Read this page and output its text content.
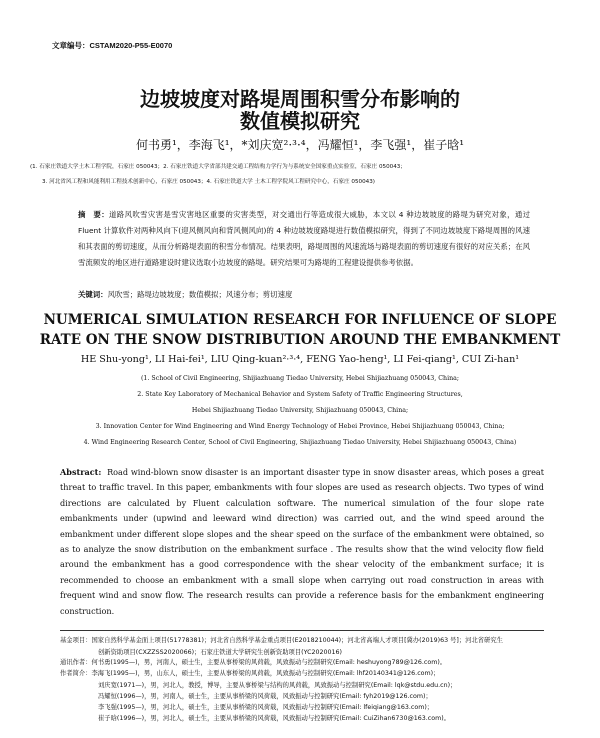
文章编号：CSTAM2020-P55-E0070
边坡坡度对路堤周围积雪分布影响的
数值模拟研究
何书勇¹，李海飞¹，*刘庆宽²·³·⁴，冯耀恒¹，李飞强¹，崔子晗¹
(1. 石家庄铁道大学土木工程学院，石家庄 050043；2. 石家庄铁道大学省部共建交通工程结构力学行为与系统安全国家重点实验室，石家庄 050043；
3. 河北省风工程和风能利用工程技术创新中心，石家庄 050043；4. 石家庄铁道大学 土木工程学院风工程研究中心，石家庄 050043)
摘　要：道路风吹雪灾害是雪灾害地区重要的灾害类型，对交通出行等造成很大威胁，本文以 4 种边坡坡度的路堤为研究对象，通过 Fluent 计算软件对两种风向下(迎风侧风向和背风侧风向)的 4 种边坡坡度路堤进行数值模拟研究，得到了不同边坡坡度下路堤周围的风速和其表面的剪切速度，从而分析路堤表面的积雪分布情况。结果表明，路堤周围的风速流场与路堤表面的剪切速度有很好的对应关系；在风雪流频发的地区进行道路建设时建议选取小边坡度的路堤。研究结果可为路堤的工程建设提供参考依据。
关键词：风吹雪；路堤边坡坡度；数值模拟；风速分布；剪切速度
NUMERICAL SIMULATION RESEARCH FOR INFLUENCE OF SLOPE
RATE ON THE SNOW DISTRIBUTION AROUND THE EMBANKMENT
HE Shu-yong¹, LI Hai-fei¹, LIU Qing-kuan²·³·⁴, FENG Yao-heng¹, LI Fei-qiang¹, CUI Zi-han¹
(1. School of Civil Engineering, Shijiazhuang Tiedao University, Hebei Shijiazhuang 050043, China;
2. State Key Laboratory of Mechanical Behavior and System Safety of Traffic Engineering Structures,
Hebei Shijiazhuang Tiedao University, Shijiazhuang 050043, China;
3. Innovation Center for Wind Engineering and Wind Energy Technology of Hebei Province, Hebei Shijiazhuang 050043, China;
4. Wind Engineering Research Center, School of Civil Engineering, Shijiazhuang Tiedao University, Hebei Shijiazhuang 050043, China)
Abstract: Road wind-blown snow disaster is an important disaster type in snow disaster areas, which poses a great threat to traffic travel. In this paper, embankments with four slopes are used as research objects. Two types of wind directions are calculated by Fluent calculation software. The numerical simulation of the four slope rate embankments under (upwind and leeward wind direction) was carried out, and the wind speed around the embankment under different slope slopes and the shear speed on the surface of the embankment were obtained, so as to analyze the snow distribution on the embankment surface . The results show that the wind velocity flow field around the embankment has a good correspondence with the shear velocity of the embankment surface; it is recommended to choose an embankment with a small slope when carrying out road construction in areas with frequent wind and snow flow. The research results can provide a reference basis for the embankment engineering construction.
基金项目：国家自然科学基金面上项目(51778381)；河北省自然科学基金重点项目(E2018210044)；河北省高端人才项目[冀办(2019)63 号]；河北省研究生
创新资助项目(CXZZSS2020066)；石家庄铁道大学研究生创新资助项目(YC2020016)
通讯作者：何书勇(1995—)，男，河南人，硕士生，主要从事桥梁的风荷载，风致振动与控制研究(Email: heshuyong789@126.com)。
作者简介：李海飞(1995—)，男，山东人，硕士生，主要从事桥梁的风荷载，风致振动与控制研究(Email: lhf20140341@126.com)；
刘庆宽(1971—)，男，河北人，教授，博导，主要从事桥梁与结构的风荷载，风致振动与控制研究(Email: lqk@stdu.edu.cn)；
冯耀恒(1996—)，男，河南人，硕士生，主要从事桥梁的风荷载，风致振动与控制研究(Email: fyh2019@126.com)；
李飞强(1995—)，男，河北人，硕士生，主要从事桥梁的风荷载，风致振动与控制研究(Email: lfeiqiang@163.com)；
崔子晗(1996—)，男，河北人，硕士生，主要从事桥梁的风荷载，风致振动与控制研究(Email: CuiZihan6730@163.com)。
